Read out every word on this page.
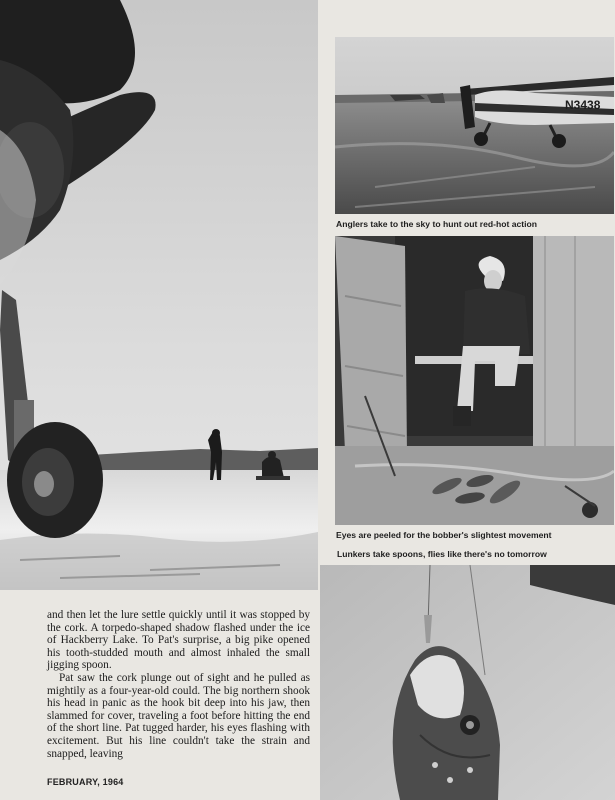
N3438

Anglers take to the sky to hunt out red-hot action

Eyes are peeled for the bobber's slightest movement

Lunkers take spoons, flies like there's no tomorrow

and then let the lure settle quickly until it was stopped by the cork. A torpedo-shaped shadow flashed under the ice of Hackberry Lake. To Pat's surprise, a big pike opened his tooth-studded mouth and almost inhaled the small jigging spoon.

Pat saw the cork plunge out of sight and he pulled as mightily as a four-year-old could. The big northern shook his head in panic as the hook bit deep into his jaw, then slammed for cover, traveling a foot before hitting the end of the short line. Pat tugged harder, his eyes flashing with excitement. But his line couldn't take the strain and snapped, leaving

FEBRUARY, 1964
